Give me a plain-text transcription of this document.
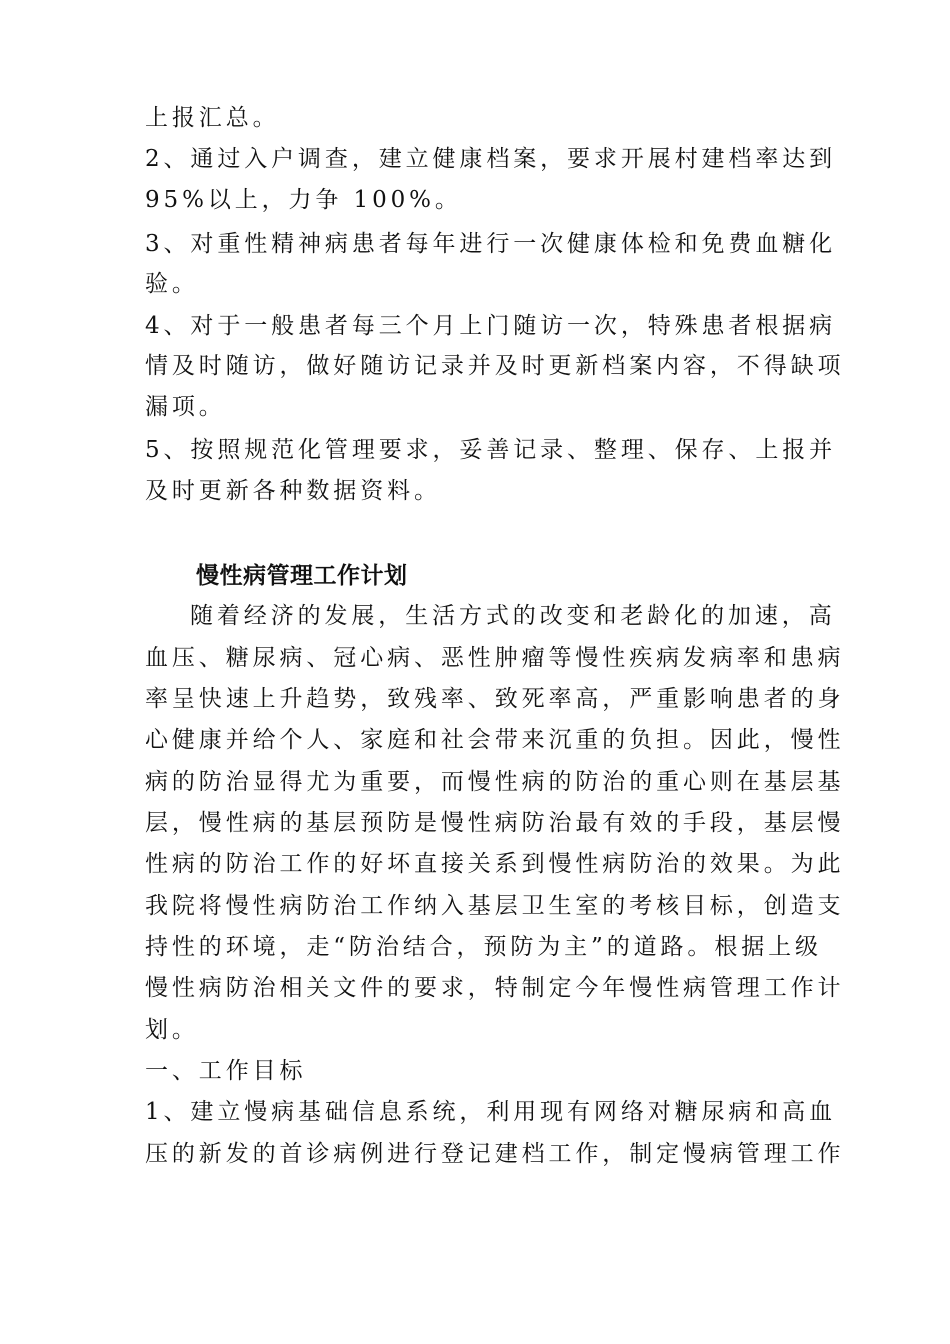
上报汇总。
2、通过入户调查，建立健康档案，要求开展村建档率达到
95%以上，力争 100%。
3、对重性精神病患者每年进行一次健康体检和免费血糖化
验。
4、对于一般患者每三个月上门随访一次，特殊患者根据病
情及时随访，做好随访记录并及时更新档案内容，不得缺项
漏项。
5、按照规范化管理要求，妥善记录、整理、保存、上报并
及时更新各种数据资料。
慢性病管理工作计划
随着经济的发展，生活方式的改变和老龄化的加速，高
血压、糖尿病、冠心病、恶性肿瘤等慢性疾病发病率和患病
率呈快速上升趋势，致残率、致死率高，严重影响患者的身
心健康并给个人、家庭和社会带来沉重的负担。因此，慢性
病的防治显得尤为重要，而慢性病的防治的重心则在基层基
层，慢性病的基层预防是慢性病防治最有效的手段，基层慢
性病的防治工作的好坏直接关系到慢性病防治的效果。为此
我院将慢性病防治工作纳入基层卫生室的考核目标，创造支
持性的环境，走“防治结合，预防为主”的道路。根据上级
慢性病防治相关文件的要求，特制定今年慢性病管理工作计
划。
一、工作目标
1、建立慢病基础信息系统，利用现有网络对糖尿病和高血
压的新发的首诊病例进行登记建档工作，制定慢病管理工作
